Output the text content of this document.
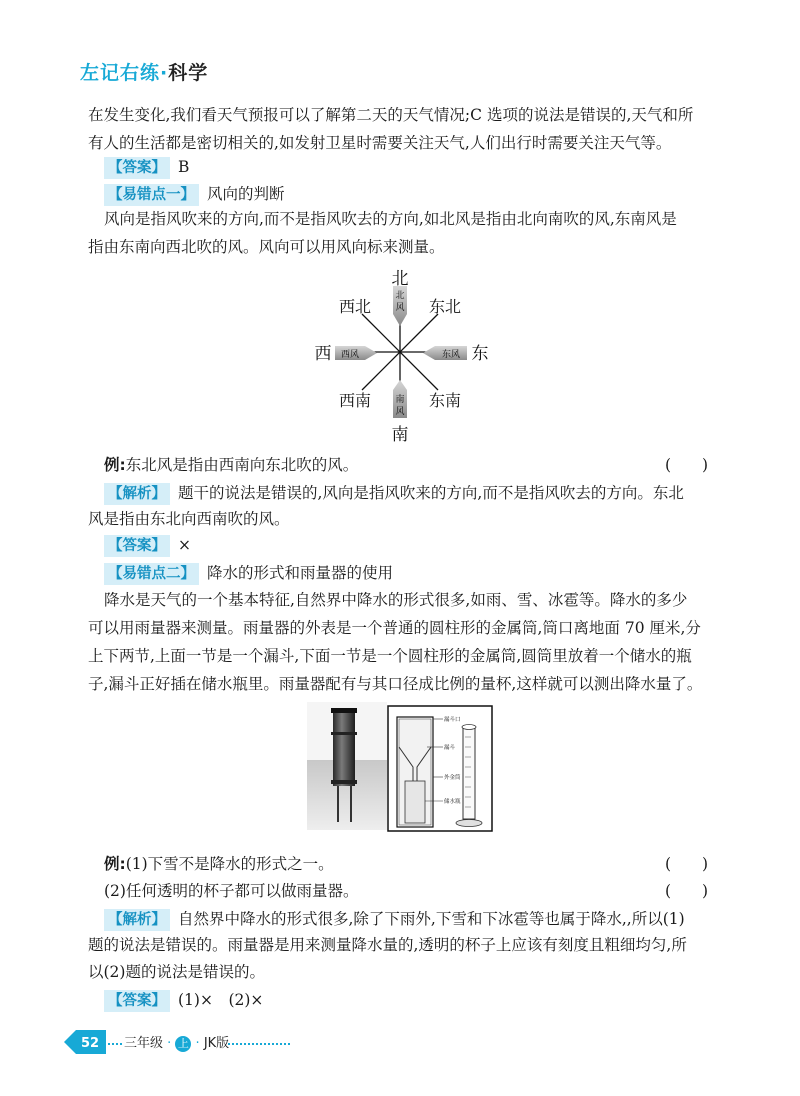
左记右练·科学
在发生变化,我们看天气预报可以了解第二天的天气情况;C 选项的说法是错误的,天气和所
有人的生活都是密切相关的,如发射卫星时需要关注天气,人们出行时需要关注天气等。
【答案】 B
【易错点一】 风向的判断
风向是指风吹来的方向,而不是指风吹去的方向,如北风是指由北向南吹的风,东南风是
指由东南向西北吹的风。风向可以用风向标来测量。
北
风
南
风
西风	东风
北
南
西	东
西北	东北
西南	东南
例:东北风是指由西南向东北吹的风。	(　　)
【解析】 题干的说法是错误的,风向是指风吹来的方向,而不是指风吹去的方向。东北
风是指由东北向西南吹的风。
【答案】 ×
【易错点二】 降水的形式和雨量器的使用
降水是天气的一个基本特征,自然界中降水的形式很多,如雨、雪、冰雹等。降水的多少
可以用雨量器来测量。雨量器的外表是一个普通的圆柱形的金属筒,筒口离地面 70 厘米,分
上下两节,上面一节是一个漏斗,下面一节是一个圆柱形的金属筒,圆筒里放着一个储水的瓶
子,漏斗正好插在储水瓶里。雨量器配有与其口径成比例的量杯,这样就可以测出降水量了。
漏斗口
漏斗
外金筒
储水瓶
例:(1)下雪不是降水的形式之一。	(　　)
(2)任何透明的杯子都可以做雨量器。	(　　)
【解析】 自然界中降水的形式很多,除了下雨外,下雪和下冰雹等也属于降水,,所以(1)
题的说法是错误的。雨量器是用来测量降水量的,透明的杯子上应该有刻度且粗细均匀,所
以(2)题的说法是错误的。
【答案】 (1)×　(2)×
52 三年级 · 上 · JK版
